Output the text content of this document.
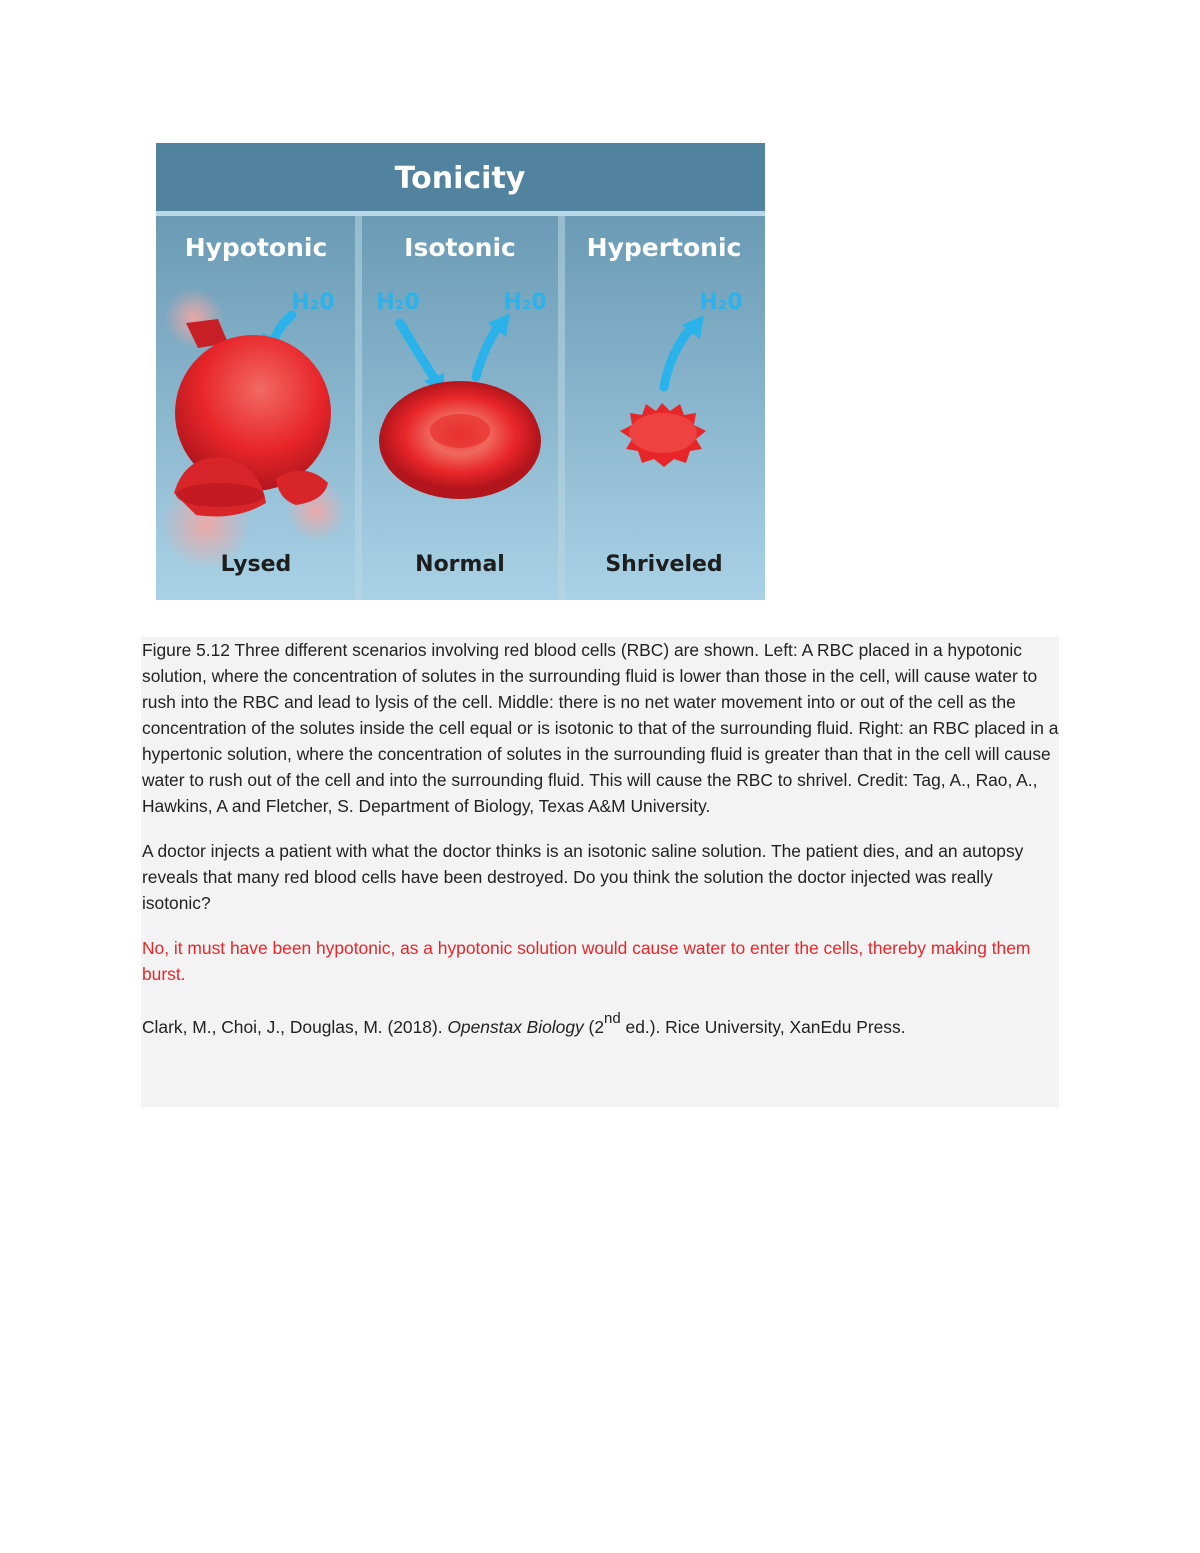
Tonicity
Hypotonic	Isotonic	Hypertonic
H₂0 H₂0	H₂0	H₂0
Lysed	Normal	Shriveled

Figure 5.12 Three different scenarios involving red blood cells (RBC) are shown. Left: A RBC placed in a hypotonic solution, where the concentration of solutes in the surrounding fluid is lower than those in the cell, will cause water to rush into the RBC and lead to lysis of the cell. Middle: there is no net water movement into or out of the cell as the concentration of the solutes inside the cell equal or is isotonic to that of the surrounding fluid. Right: an RBC placed in a hypertonic solution, where the concentration of solutes in the surrounding fluid is greater than that in the cell will cause water to rush out of the cell and into the surrounding fluid. This will cause the RBC to shrivel. Credit: Tag, A., Rao, A., Hawkins, A and Fletcher, S. Department of Biology, Texas A&M University.

A doctor injects a patient with what the doctor thinks is an isotonic saline solution. The patient dies, and an autopsy reveals that many red blood cells have been destroyed. Do you think the solution the doctor injected was really isotonic?

No, it must have been hypotonic, as a hypotonic solution would cause water to enter the cells, thereby making them burst.

Clark, M., Choi, J., Douglas, M. (2018). Openstax Biology (2nd ed.). Rice University, XanEdu Press.
